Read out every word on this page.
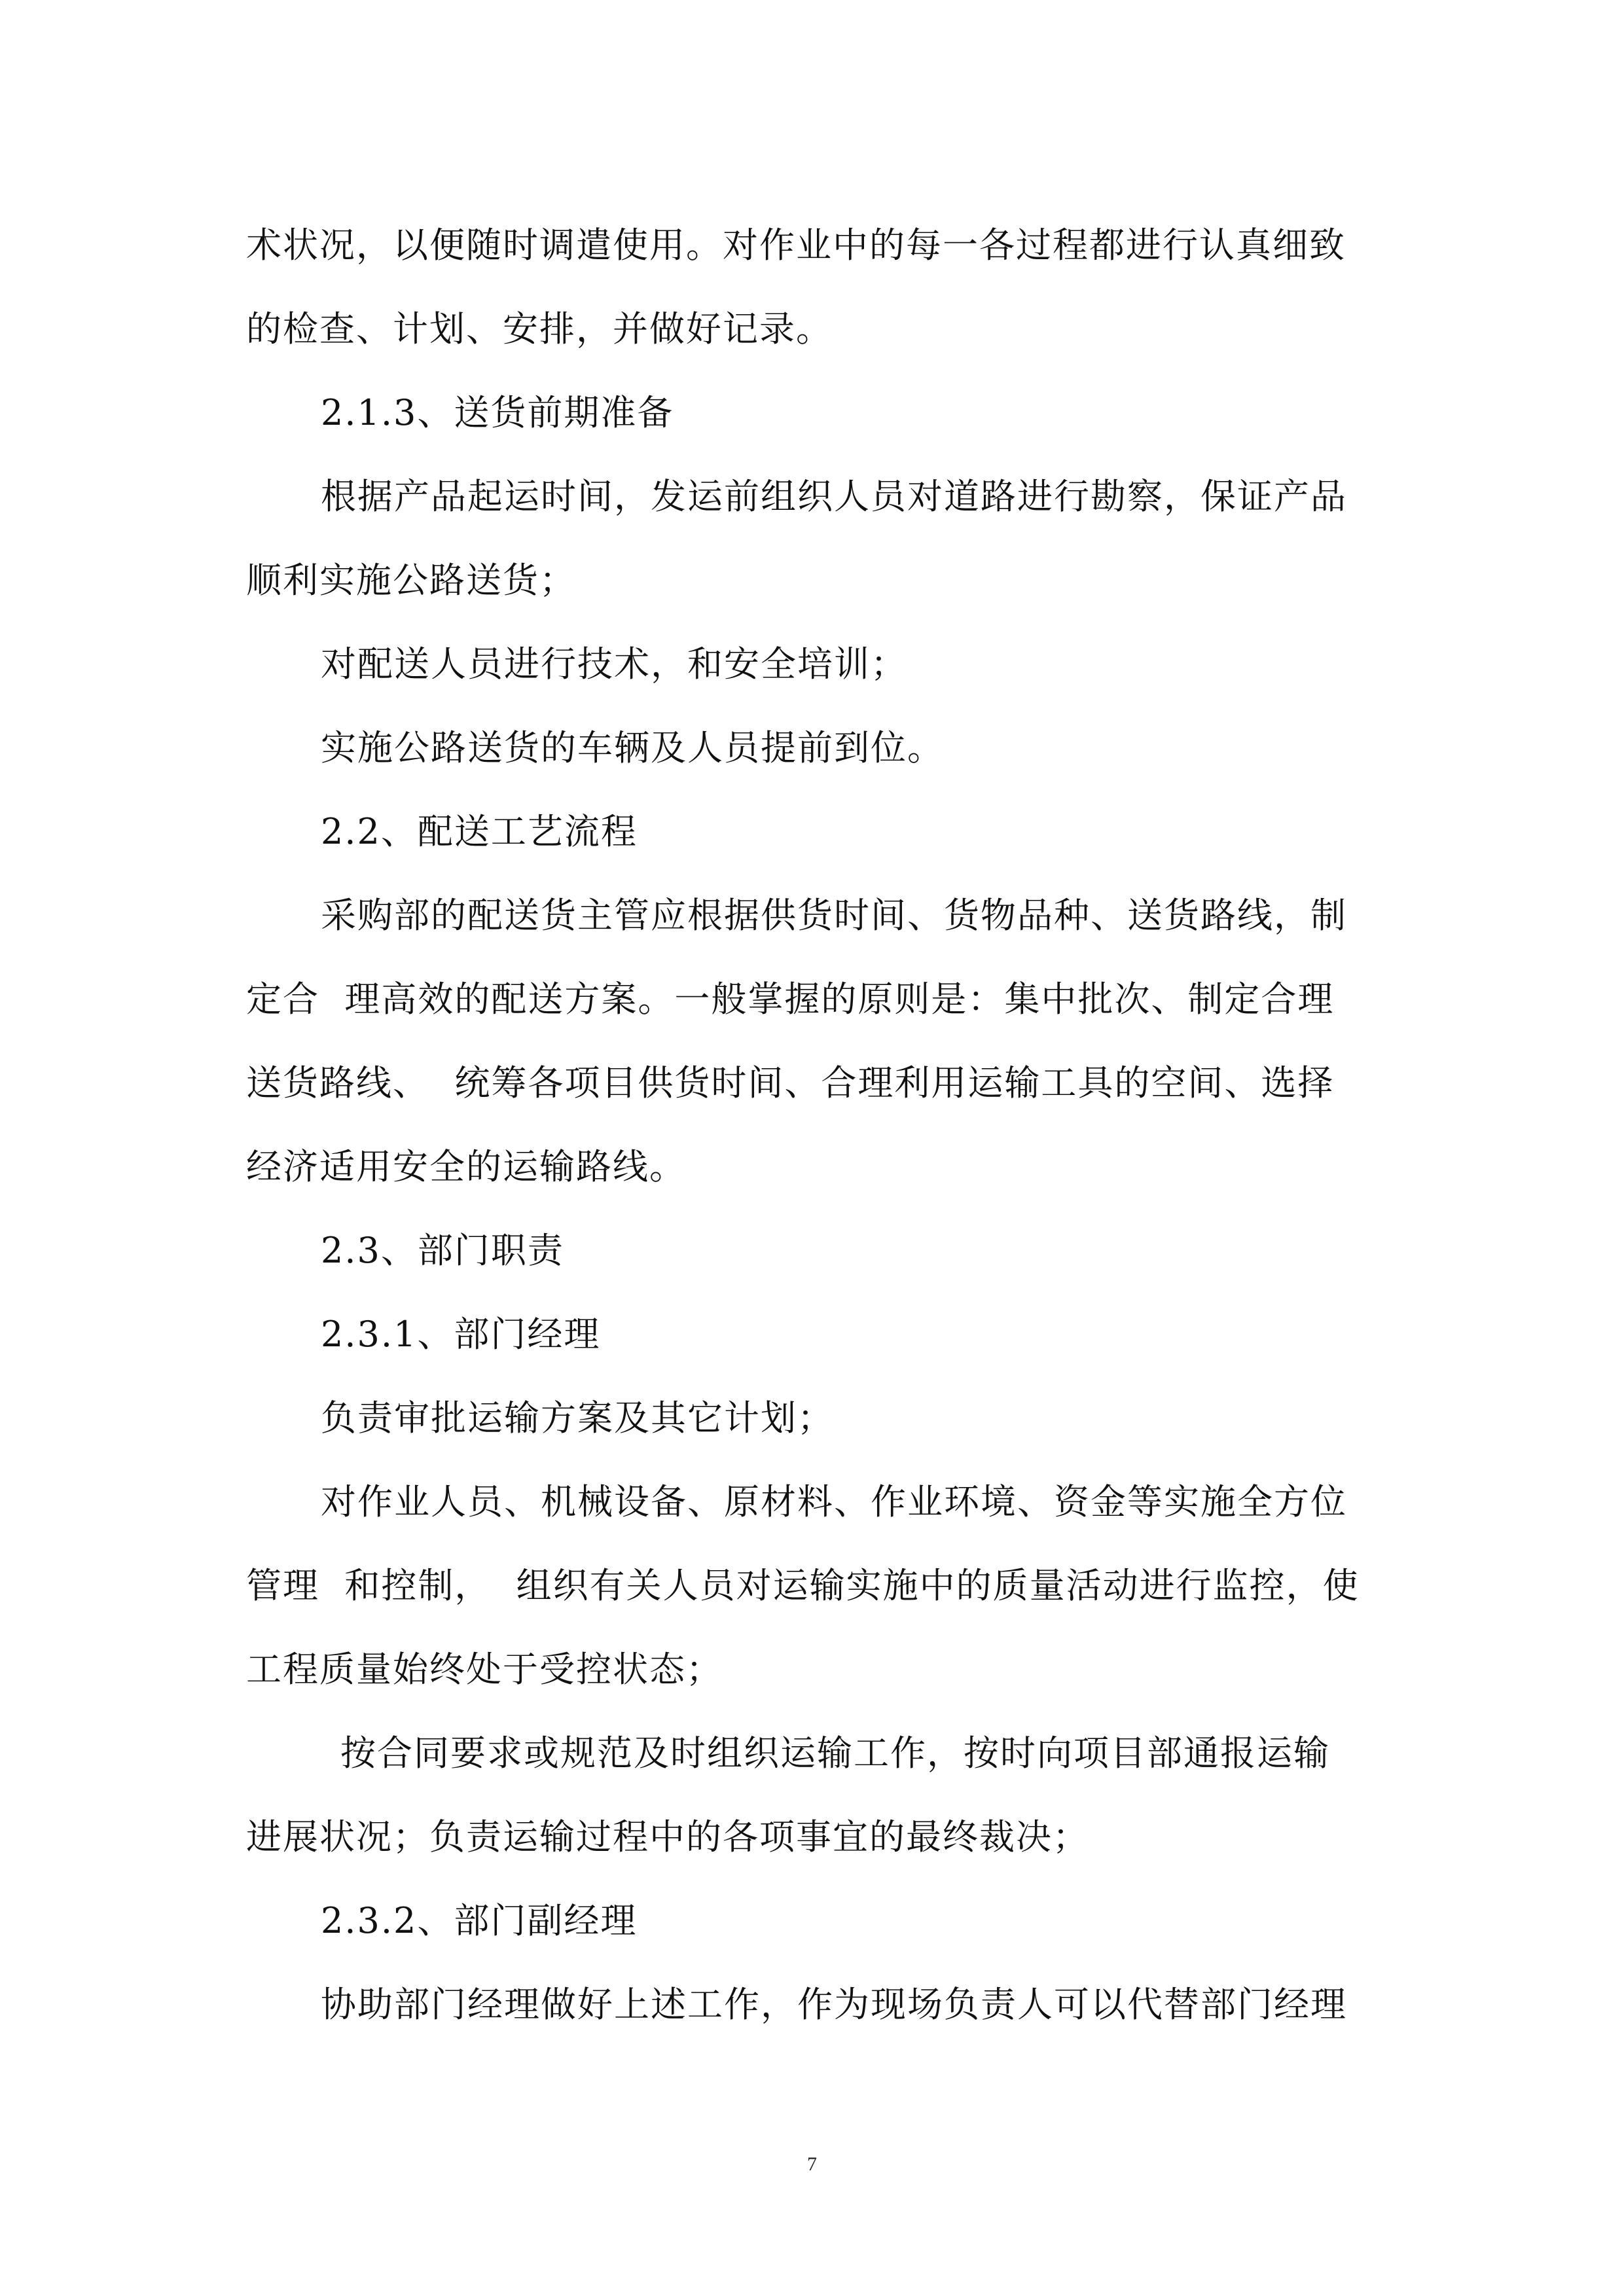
术状况，以便随时调遣使用。对作业中的每一各过程都进行认真细致
的检查、计划、安排，并做好记录。
2.1.3、送货前期准备
根据产品起运时间，发运前组织人员对道路进行勘察，保证产品
顺利实施公路送货；
对配送人员进行技术，和安全培训；
实施公路送货的车辆及人员提前到位。
2.2、配送工艺流程
采购部的配送货主管应根据供货时间、货物品种、送货路线，制
定合  理高效的配送方案。一般掌握的原则是：集中批次、制定合理
送货路线、  统筹各项目供货时间、合理利用运输工具的空间、选择
经济适用安全的运输路线。
2.3、部门职责
2.3.1、部门经理
负责审批运输方案及其它计划；
对作业人员、机械设备、原材料、作业环境、资金等实施全方位
管理  和控制，  组织有关人员对运输实施中的质量活动进行监控，使
工程质量始终处于受控状态；
按合同要求或规范及时组织运输工作，按时向项目部通报运输
进展状况；负责运输过程中的各项事宜的最终裁决；
2.3.2、部门副经理
协助部门经理做好上述工作，作为现场负责人可以代替部门经理
7
